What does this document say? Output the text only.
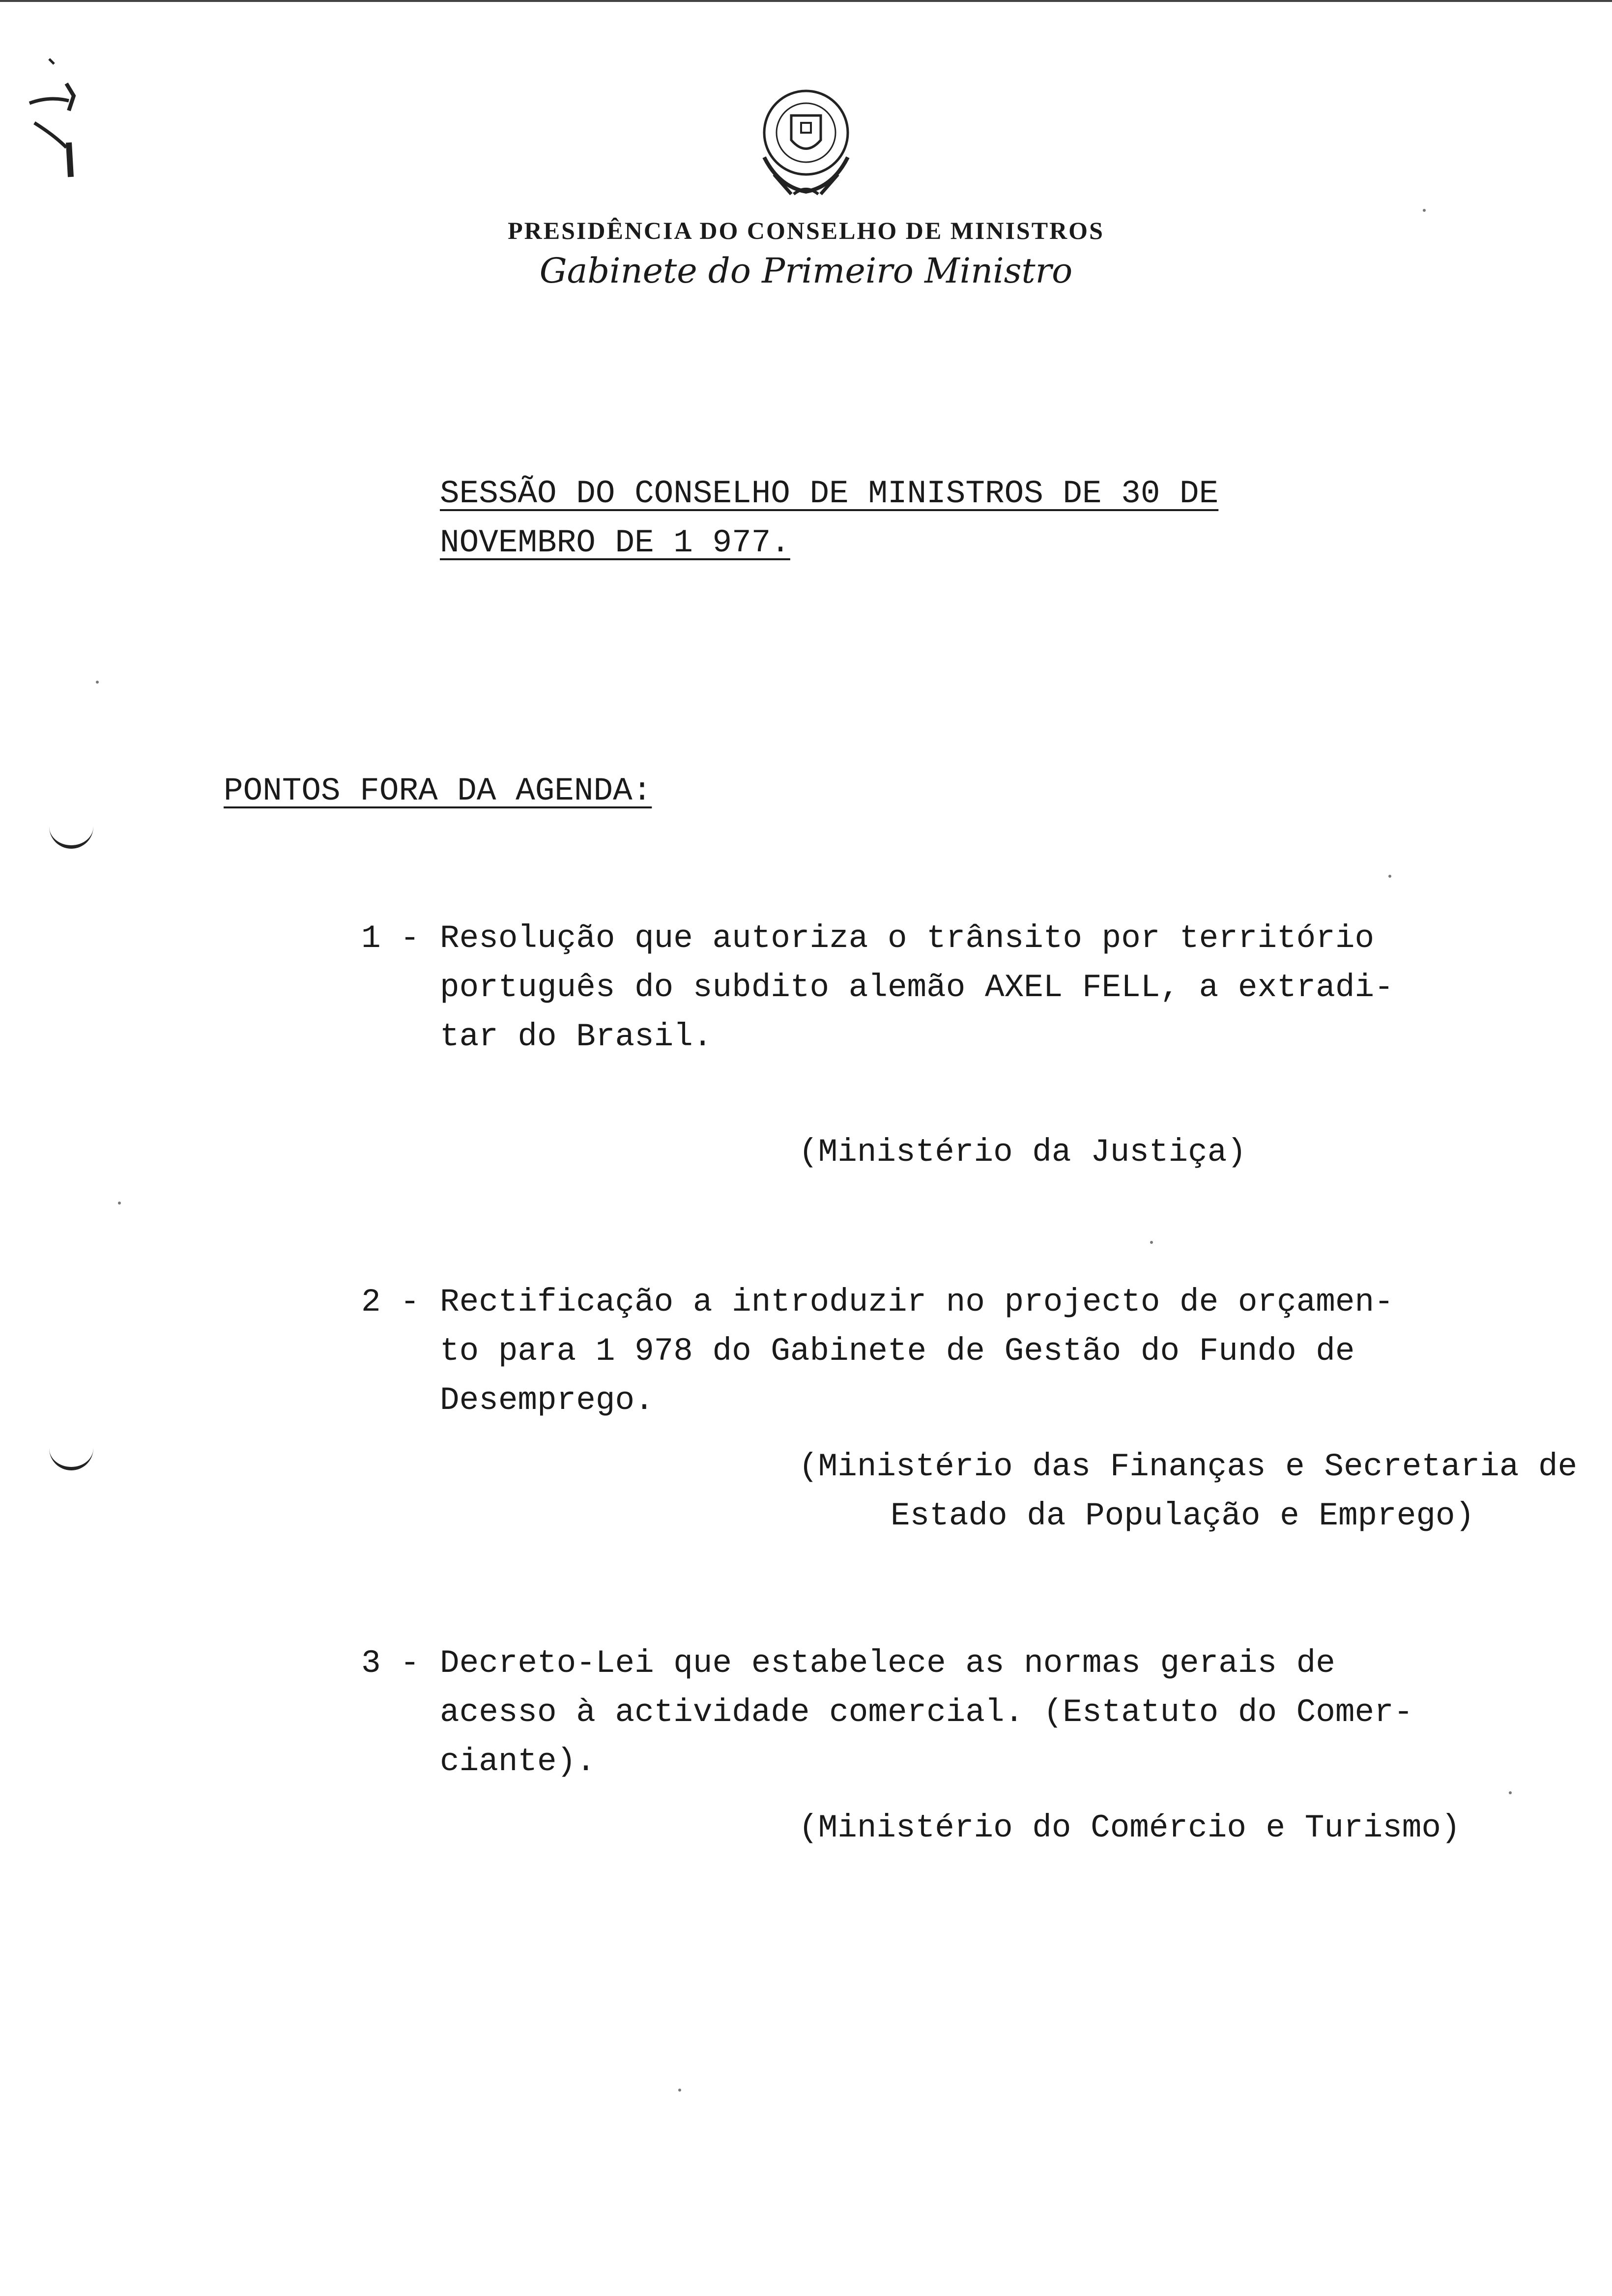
PRESIDÊNCIA DO CONSELHO DE MINISTROS
Gabinete do Primeiro Ministro
SESSÃO DO CONSELHO DE MINISTROS DE 30 DE
NOVEMBRO DE 1 977.
PONTOS FORA DA AGENDA:
1 - Resolução que autoriza o trânsito por território
português do subdito alemão AXEL FELL, a extradi-
tar do Brasil.
(Ministério da Justiça)
2 - Rectificação a introduzir no projecto de orçamen-
to para 1 978 do Gabinete de Gestão do Fundo de
Desemprego.
(Ministério das Finanças e Secretaria de
Estado da População e Emprego)
3 - Decreto-Lei que estabelece as normas gerais de
acesso à actividade comercial. (Estatuto do Comer-
ciante).
(Ministério do Comércio e Turismo)
